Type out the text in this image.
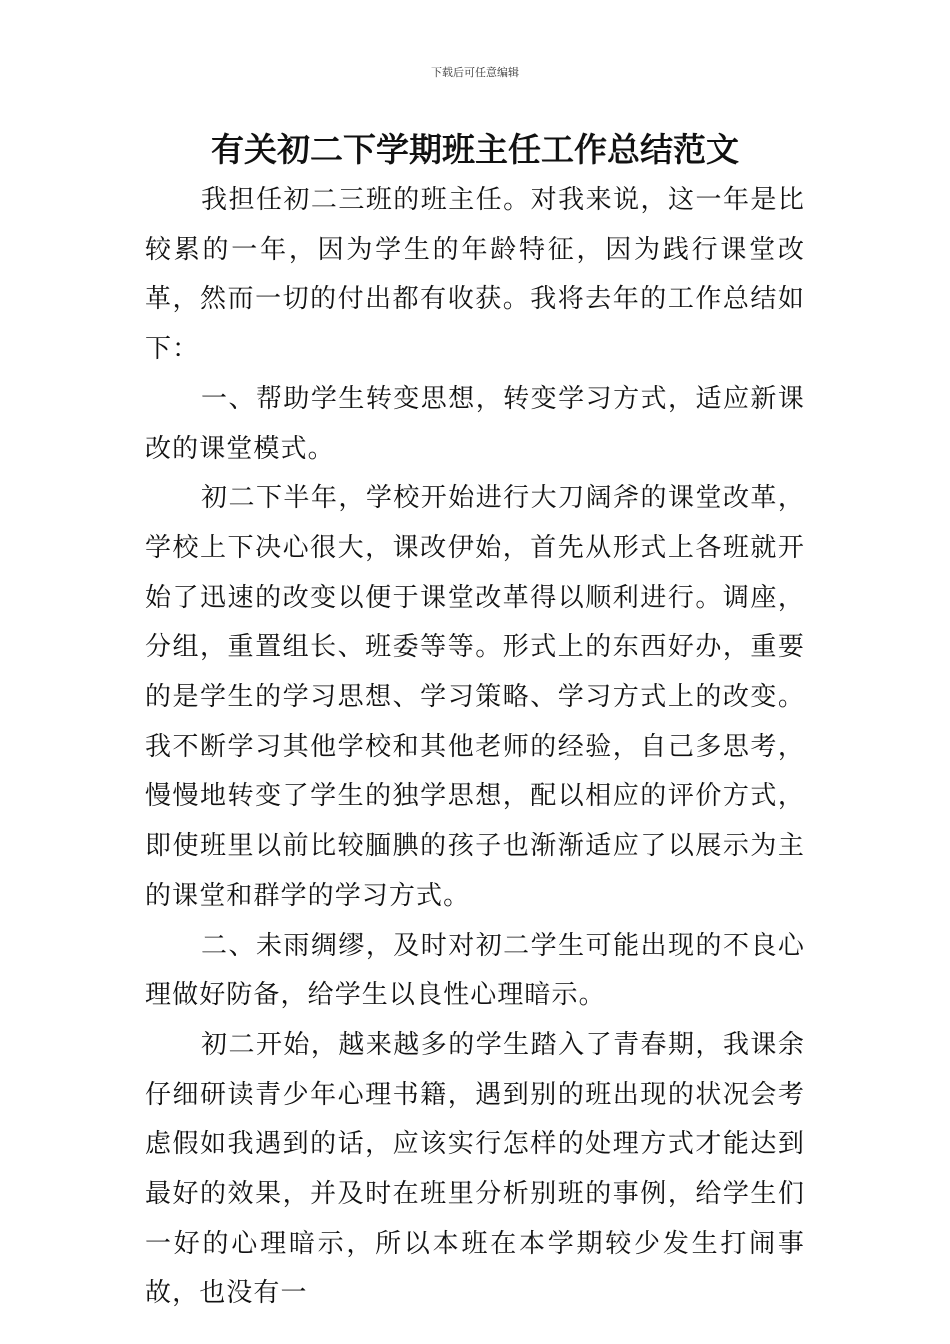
下载后可任意编辑
有关初二下学期班主任工作总结范文

我担任初二三班的班主任。对我来说，这一年是比较累的一年，因为学生的年龄特征，因为践行课堂改革，然而一切的付出都有收获。我将去年的工作总结如下：

一、帮助学生转变思想，转变学习方式，适应新课改的课堂模式。

初二下半年，学校开始进行大刀阔斧的课堂改革，学校上下决心很大，课改伊始，首先从形式上各班就开始了迅速的改变以便于课堂改革得以顺利进行。调座，分组，重置组长、班委等等。形式上的东西好办，重要的是学生的学习思想、学习策略、学习方式上的改变。我不断学习其他学校和其他老师的经验，自己多思考，慢慢地转变了学生的独学思想，配以相应的评价方式，即使班里以前比较腼腆的孩子也渐渐适应了以展示为主的课堂和群学的学习方式。

二、未雨绸缪，及时对初二学生可能出现的不良心理做好防备，给学生以良性心理暗示。

初二开始，越来越多的学生踏入了青春期，我课余仔细研读青少年心理书籍，遇到别的班出现的状况会考虑假如我遇到的话，应该实行怎样的处理方式才能达到最好的效果，并及时在班里分析别班的事例，给学生们一好的心理暗示，所以本班在本学期较少发生打闹事故，也没有一
